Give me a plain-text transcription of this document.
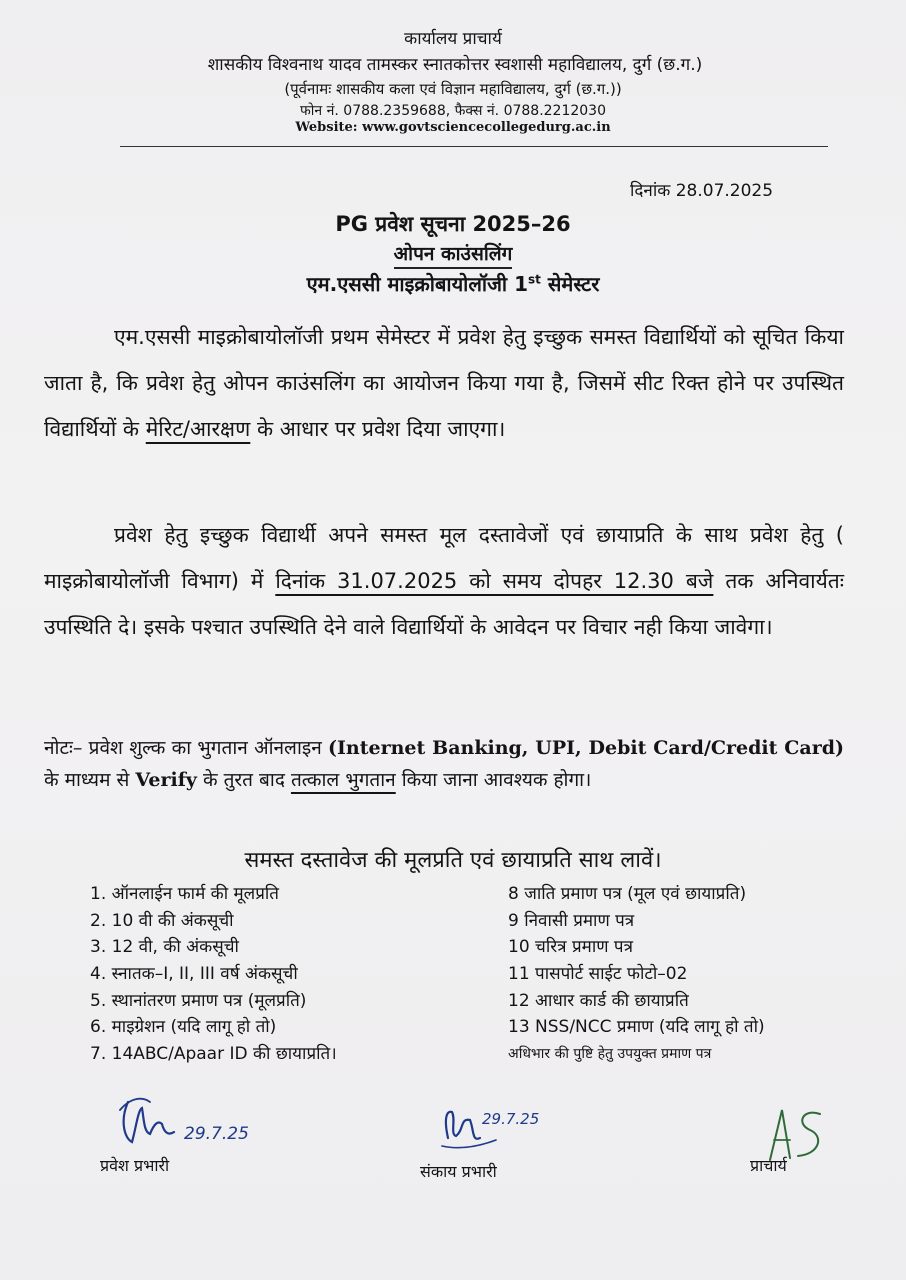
कार्यालय प्राचार्य
शासकीय विश्वनाथ यादव तामस्कर स्नातकोत्तर स्वशासी महाविद्यालय, दुर्ग (छ.ग.)
(पूर्वनामः शासकीय कला एवं विज्ञान महाविद्यालय, दुर्ग (छ.ग.))
फोन नं. 0788.2359688, फैक्स नं. 0788.2212030
Website: www.govtsciencecollegedurg.ac.in
दिनांक 28.07.2025
PG प्रवेश सूचना 2025–26
ओपन काउंसलिंग
एम.एससी माइक्रोबायोलॉजी 1st सेमेस्टर
एम.एससी माइक्रोबायोलॉजी प्रथम सेमेस्टर में प्रवेश हेतु इच्छुक समस्त विद्यार्थियों को सूचित किया जाता है, कि प्रवेश हेतु ओपन काउंसलिंग का आयोजन किया गया है, जिसमें सीट रिक्त होने पर उपस्थित विद्यार्थियों के मेरिट/आरक्षण के आधार पर प्रवेश दिया जाएगा।
प्रवेश हेतु इच्छुक विद्यार्थी अपने समस्त मूल दस्तावेजों एवं छायाप्रति के साथ प्रवेश हेतु ( माइक्रोबायोलॉजी विभाग) में दिनांक 31.07.2025 को समय दोपहर 12.30 बजे तक अनिवार्यतः उपस्थिति दे। इसके पश्चात उपस्थिति देने वाले विद्यार्थियों के आवेदन पर विचार नही किया जावेगा।
नोटः– प्रवेश शुल्क का भुगतान ऑनलाइन (Internet Banking, UPI, Debit Card/Credit Card) के माध्यम से Verify के तुरत बाद तत्काल भुगतान किया जाना आवश्यक होगा।
समस्त दस्तावेज की मूलप्रति एवं छायाप्रति साथ लावें।
1. ऑनलाईन फार्म की मूलप्रति
2. 10 वी की अंकसूची
3. 12 वी, की अंकसूची
4. स्नातक–I, II, III वर्ष अंकसूची
5. स्थानांतरण प्रमाण पत्र (मूलप्रति)
6. माइग्रेशन (यदि लागू हो तो)
7. 14ABC/Apaar ID की छायाप्रति।
8 जाति प्रमाण पत्र (मूल एवं छायाप्रति)
9 निवासी प्रमाण पत्र
10 चरित्र प्रमाण पत्र
11 पासपोर्ट साईट फोटो–02
12 आधार कार्ड की छायाप्रति
13 NSS/NCC प्रमाण (यदि लागू हो तो)
अधिभार की पुष्टि हेतु उपयुक्त प्रमाण पत्र
29.7.25
प्रवेश प्रभारी
29.7.25
संकाय प्रभारी	प्राचार्य
